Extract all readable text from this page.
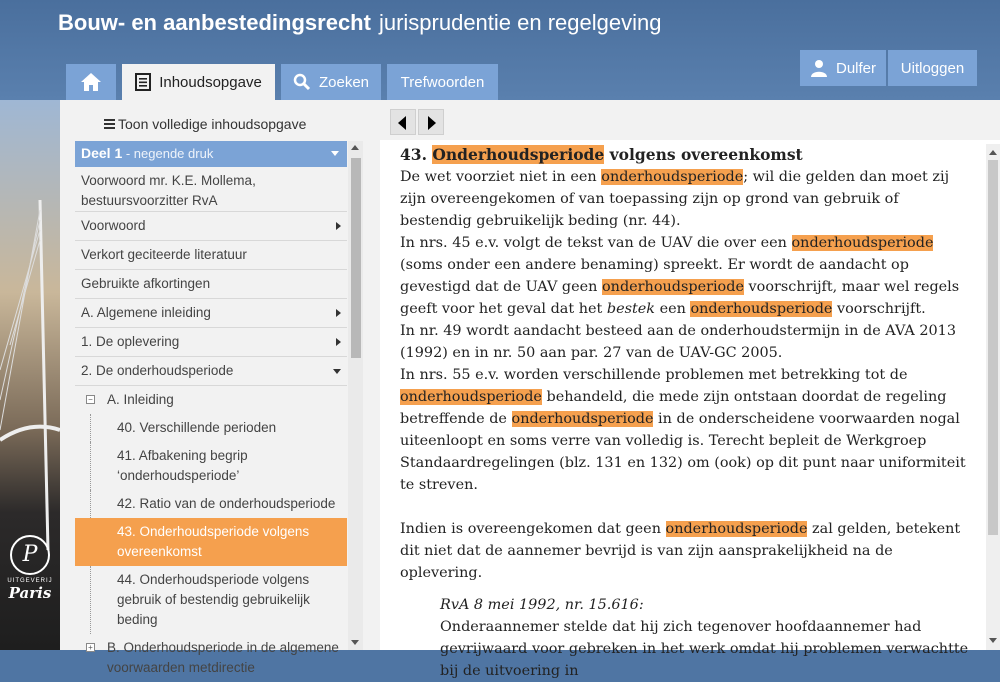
Bouw- en aanbestedingsrecht jurisprudentie en regelgeving
Inhoudsopgave	Zoeken Trefwoorden
Dulfer Uitloggen
P
UITGEVERIJ
Paris
Toon volledige inhoudsopgave
Deel 1 - negende druk
Voorwoord mr. K.E. Mollema, bestuursvoorzitter RvA
Voorwoord
Verkort geciteerde literatuur
Gebruikte afkortingen
A. Algemene inleiding
1. De oplevering
2. De onderhoudsperiode
− A. Inleiding
40. Verschillende perioden
41. Afbakening begrip ‘onderhoudsperiode’
42. Ratio van de onderhoudsperiode
43. Onderhoudsperiode volgens overeenkomst
44. Onderhoudsperiode volgens gebruik of bestendig gebruikelijk beding
+ B. Onderhoudsperiode in de algemene voorwaarden metdirectie
43. Onderhoudsperiode volgens overeenkomst

De wet voorziet niet in een onderhoudsperiode; wil die gelden dan moet zij zijn overeengekomen of van toepassing zijn op grond van gebruik of bestendig gebruikelijk beding (nr. 44).

In nrs. 45 e.v. volgt de tekst van de UAV die over een onderhoudsperiode (soms onder een andere benaming) spreekt. Er wordt de aandacht op gevestigd dat de UAV geen onderhoudsperiode voorschrijft, maar wel regels geeft voor het geval dat het bestek een onderhoudsperiode voorschrijft.

In nr. 49 wordt aandacht besteed aan de onderhoudstermijn in de AVA 2013 (1992) en in nr. 50 aan par. 27 van de UAV-GC 2005.

In nrs. 55 e.v. worden verschillende problemen met betrekking tot de onderhoudsperiode behandeld, die mede zijn ontstaan doordat de regeling betreffende de onderhoudsperiode in de onderscheidene voorwaarden nogal uiteenloopt en soms verre van volledig is. Terecht bepleit de Werkgroep Standaardregelingen (blz. 131 en 132) om (ook) op dit punt naar uniformiteit te streven.

Indien is overeengekomen dat geen onderhoudsperiode zal gelden, betekent dit niet dat de aannemer bevrijd is van zijn aansprakelijkheid na de oplevering.

RvA 8 mei 1992, nr. 15.616:

Onderaannemer stelde dat hij zich tegenover hoofdaannemer had gevrijwaard voor gebreken in het werk omdat hij problemen verwachtte bij de uitvoering in
